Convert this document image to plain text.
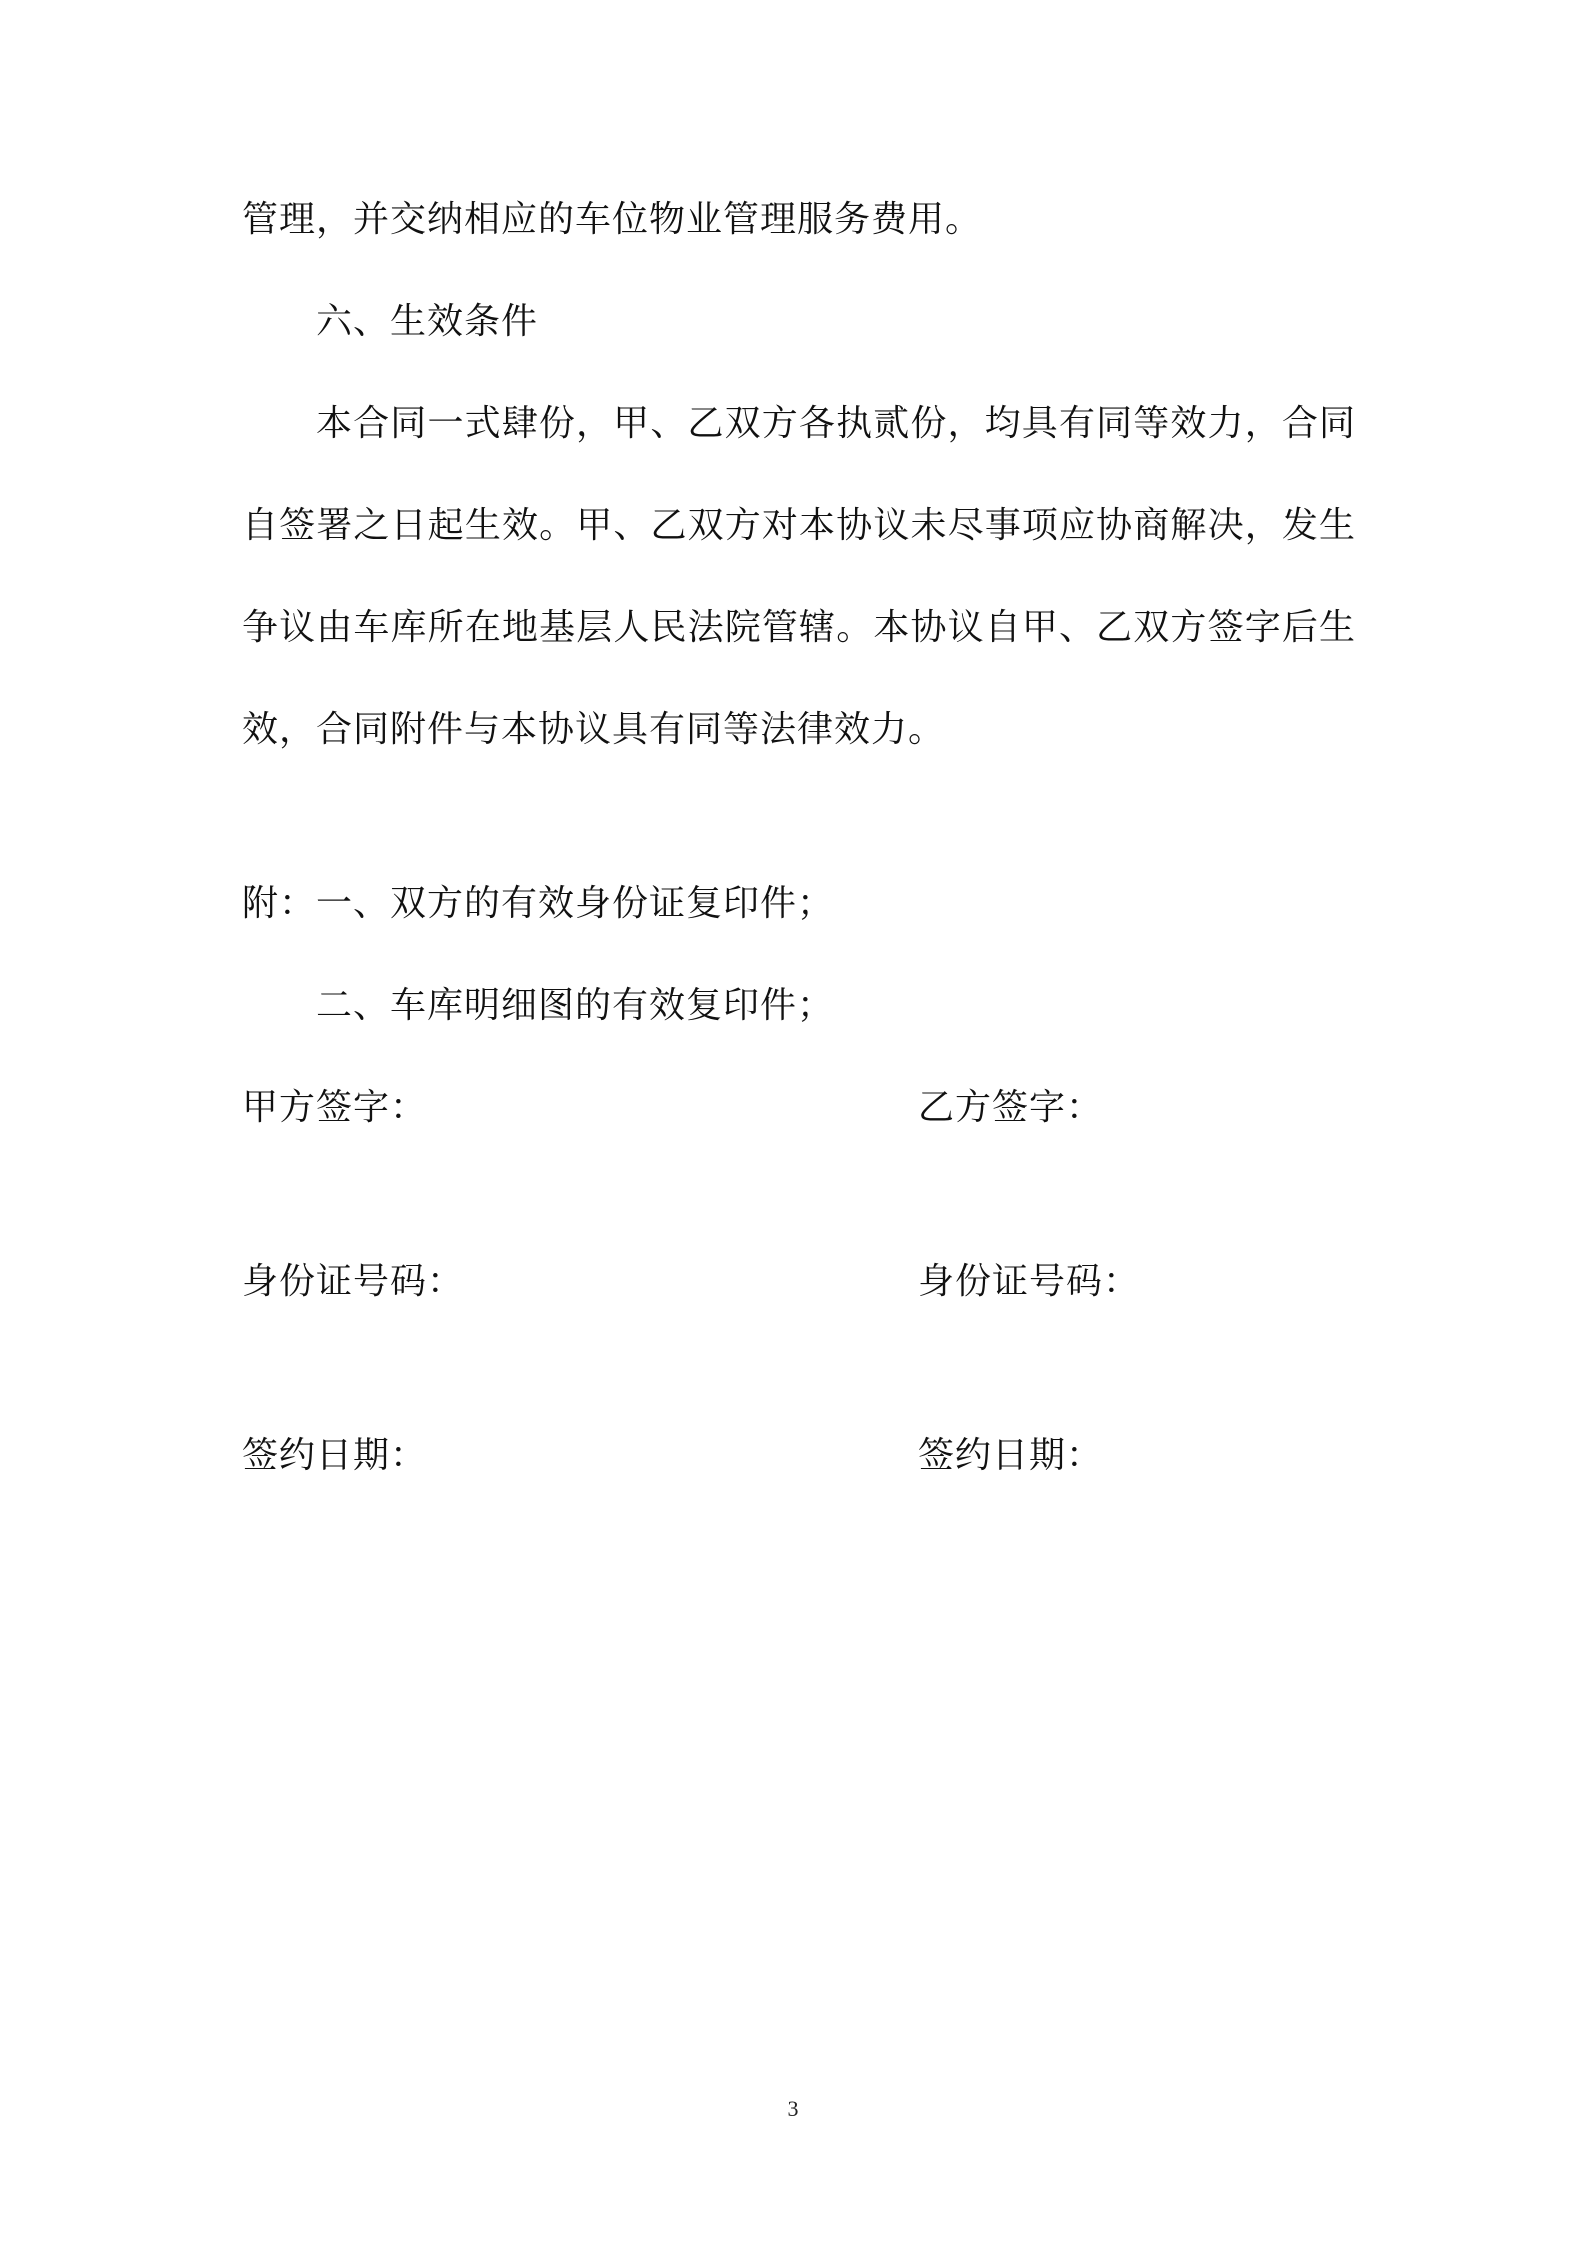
管理，并交纳相应的车位物业管理服务费用。
六、生效条件
本合同一式肆份，甲、乙双方各执贰份，均具有同等效力，合同
自签署之日起生效。甲、乙双方对本协议未尽事项应协商解决，发生
争议由车库所在地基层人民法院管辖。本协议自甲、乙双方签字后生
效，合同附件与本协议具有同等法律效力。
附：一、双方的有效身份证复印件；
二、车库明细图的有效复印件；
甲方签字：	乙方签字：
身份证号码：	身份证号码：
签约日期：	签约日期：
3
